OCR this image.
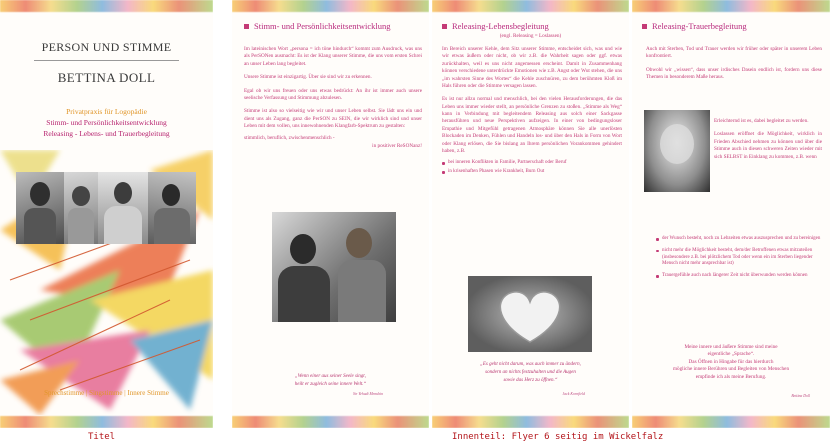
PERSON UND STIMME
BETTINA DOLL
Privatpraxis für Logopädie
Stimm- und Persönlichkeitsentwicklung
Releasing - Lebens- und Trauerbegleitung
Sprechstimme | Singstimme | Innere Stimme
Stimm- und Persönlichkeitsentwicklung

Im lateinischen Wort „persona = ich töne hindurch“ kommt zum Ausdruck, was uns als PerSONen ausmacht: Es ist der Klang unserer Stimme, die uns vom ersten Schrei an unser Leben lang begleitet.

Unsere Stimme ist einzigartig. Über sie sind wir zu erkennen.

Egal ob wir uns freuen oder uns etwas bedrückt: An ihr ist immer auch unsere seelische Verfassung und Stimmung abzulesen.

Stimme ist also so vielseitig wie wir und unser Leben selbst. Sie lädt uns ein und dient uns als Zugang, ganz die PerSON zu SEIN, die wir wirklich sind und unser Leben mit dem vollen, uns innewohnenden Klangfarb-Spektrum zu gestalten:

stimmlich, beruflich, zwischenmenschlich -

in positiver ReSONanz!

„Wenn einer aus seiner Seele singt,
heilt er zugleich seine innere Welt.“
Sir Yehudi Menuhin
Releasing-Lebensbegleitung
(engl. Releasing = Loslassen)

Im Bereich unserer Kehle, dem Sitz unserer Stimme, entscheidet sich, was und wie wir etwas äußern oder nicht, ob wir z.B. die Wahrheit sagen oder ggf. etwas zurückhalten, weil es uns nicht angemessen erscheint. Damit in Zusammenhang können verschiedene unterdrückte Emotionen wie z.B. Angst oder Wut stehen, die uns „im wahrsten Sinne des Wortes“ die Kehle zuschnüren, zu dem berühmten Kloß im Hals führen oder die Stimme versagen lassen.

Es ist nur allzu normal und menschlich, bei den vielen Herausforderungen, die das Leben uns immer wieder stellt, an persönliche Grenzen zu stoßen. „Stimme als Weg“ kann in Verbindung mit begleitendem Releasing aus solch einer Sackgasse herausführen und neue Perspektiven aufzeigen. In einer von bedingungsloser Empathie und Mitgefühl getragenen Atmosphäre können Sie alle unerlösten Blockaden im Denken, Fühlen und Handeln los- und über den Hals in Form von Wort oder Klang erlösen, die Sie bislang an Ihrem persönlichen Vorankommen gehindert haben, z.B.

bei inneren Konflikten in Familie, Partnerschaft oder Beruf
in krisenhaften Phasen wie Krankheit, Burn Out
„Es geht nicht darum, was auch immer zu ändern,
sondern an nichts festzuhalten und die Augen
sowie das Herz zu öffnen.“
Jack Kornfield
Releasing-Trauerbegleitung

Auch mit Sterben, Tod und Trauer werden wir früher oder später in unserem Leben konfrontiert.

Obwohl wir „wissen“, dass unser irdisches Dasein endlich ist, fordern uns diese Themen in besonderem Maße heraus.

Erleichternd ist es, dabei begleitet zu werden.

Loslassen eröffnet die Möglichkeit, wirklich in Frieden Abschied nehmen zu können und über die Stimme auch in diesen schweren Zeiten wieder mit sich SELBST in Einklang zu kommen, z.B. wenn

der Wunsch besteht, noch zu Lebzeiten etwas auszusprechen und zu bereinigen
nicht mehr die Möglichkeit besteht, dem/der Betroffenen etwas mitzuteilen (insbesondere z.B. bei plötzlichem Tod oder wenn ein im Sterben liegender Mensch nicht mehr ansprechbar ist)
Trauergefühle auch nach längerer Zeit nicht überwunden werden können
Meine innere und äußere Stimme sind meine
eigentliche „Sprache“.
Das Öffnen in Hingabe für das hierdurch
mögliche innere Berühren und Begleiten von Menschen
empfinde ich als meine Berufung.
Bettina Doll
Titel	Innenteil: Flyer 6 seitig im Wickelfalz
